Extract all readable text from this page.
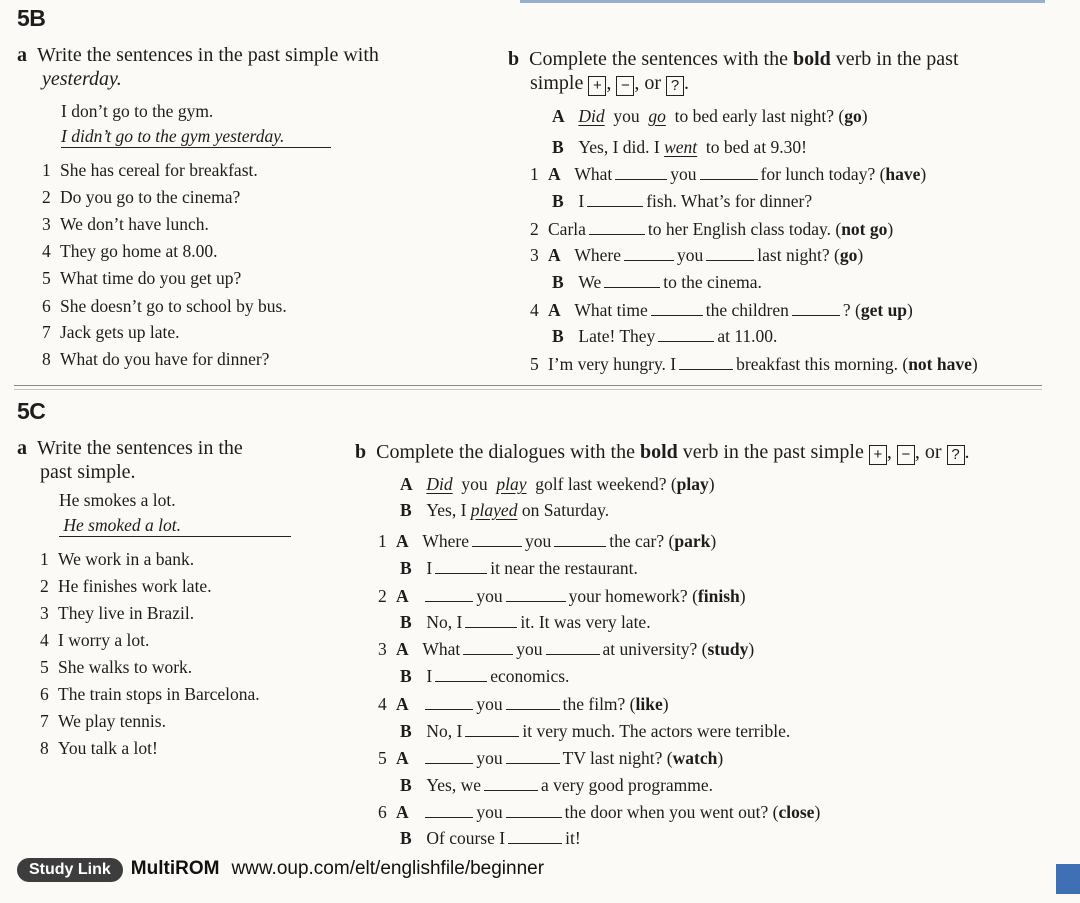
5B
a Write the sentences in the past simple with
yesterday.
I don’t go to the gym.
I didn’t go to the gym yesterday.
1 She has cereal for breakfast.
2 Do you go to the cinema?
3 We don’t have lunch.
4 They go home at 8.00.
5 What time do you get up?
6 She doesn’t go to school by bus.
7 Jack gets up late.
8 What do you have for dinner?
b Complete the sentences with the bold verb in the past
simple + , − , or ? .
A Did you go to bed early last night? (go)
B Yes, I did. I went to bed at 9.30!
1 A What	you	for lunch today? (have)
B I	fish. What’s for dinner?
2 Carla	to her English class today. (not go)
3 A Where	you	last night? (go)
B We	to the cinema.
4 A What time	the children	? (get up)
B Late! They	at 11.00.
5 I’m very hungry. I	breakfast this morning. (not have)
5C
a Write the sentences in the
past simple.
He smokes a lot.
He smoked a lot.
1 We work in a bank.
2 He finishes work late.
3 They live in Brazil.
4 I worry a lot.
5 She walks to work.
6 The train stops in Barcelona.
7 We play tennis.
8 You talk a lot!
b Complete the dialogues with the bold verb in the past simple + , − , or ? .
A Did you play golf last weekend? (play)
B Yes, I played on Saturday.
1 A Where	you	the car? (park)
B I	it near the restaurant.
2 A	you	your homework? (finish)
B No, I	it. It was very late.
3 A What	you	at university? (study)
B I	economics.
4 A	you	the film? (like)
B No, I	it very much. The actors were terrible.
5 A	you	TV last night? (watch)
B Yes, we	a very good programme.
6 A	you	the door when you went out? (close)
B Of course I	it!
Study Link MultiROM www.oup.com/elt/englishfile/beginner
